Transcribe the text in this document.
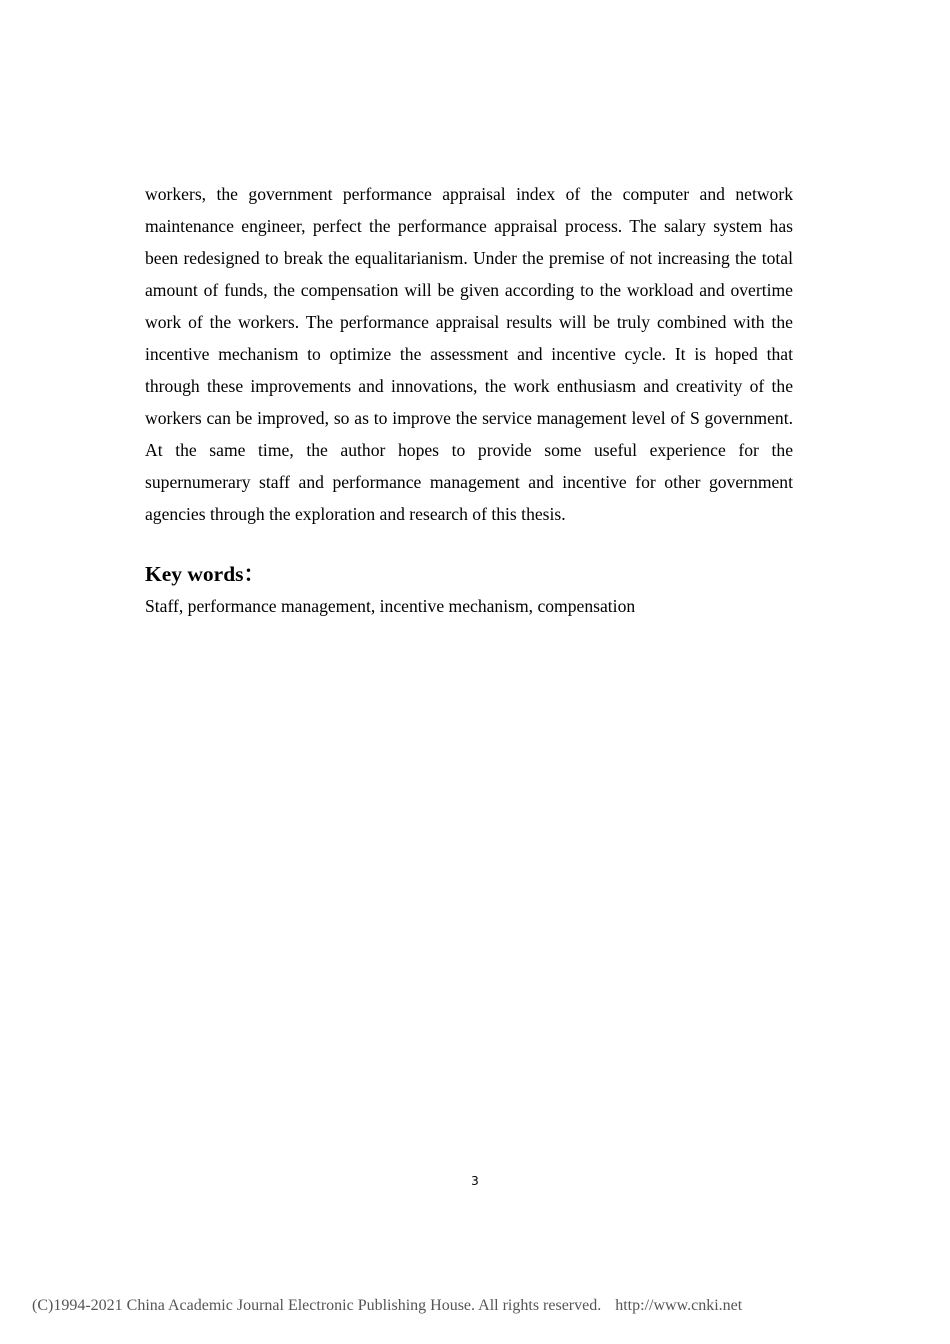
workers, the government performance appraisal index of the computer and network maintenance engineer, perfect the performance appraisal process. The salary system has been redesigned to break the equalitarianism. Under the premise of not increasing the total amount of funds, the compensation will be given according to the workload and overtime work of the workers. The performance appraisal results will be truly combined with the incentive mechanism to optimize the assessment and incentive cycle. It is hoped that through these improvements and innovations, the work enthusiasm and creativity of the workers can be improved, so as to improve the service management level of S government. At the same time, the author hopes to provide some useful experience for the supernumerary staff and performance management and incentive for other government agencies through the exploration and research of this thesis.

Key words：

Staff, performance management, incentive mechanism, compensation

3
(C)1994-2021 China Academic Journal Electronic Publishing House. All rights reserved. http://www.cnki.net
